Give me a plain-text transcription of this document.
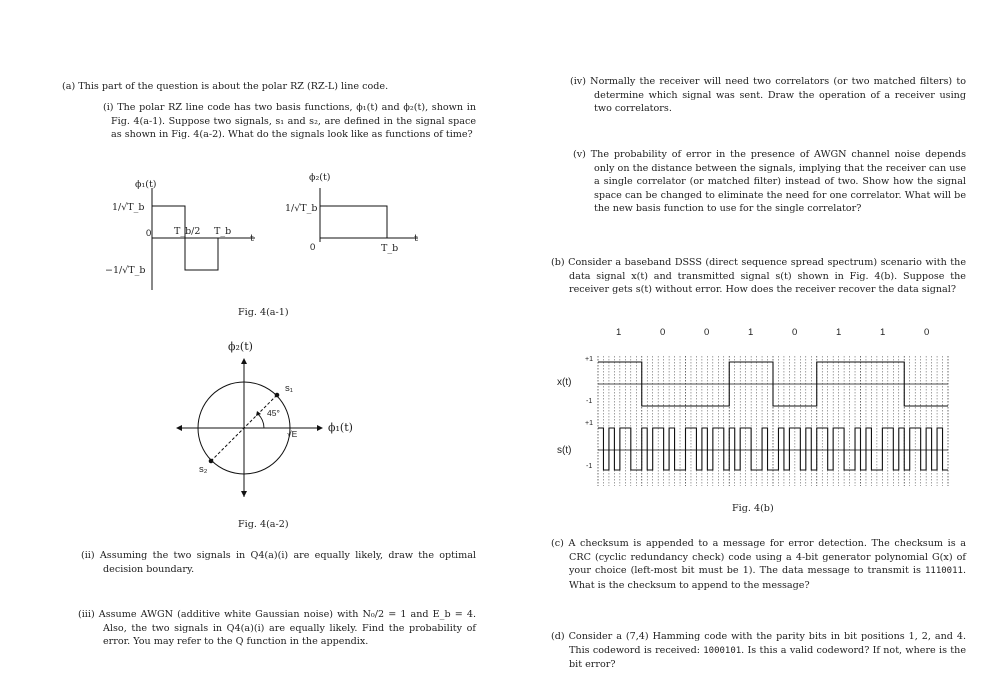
(a) This part of the question is about the polar RZ (RZ-L) line code.

(i) The polar RZ line code has two basis functions, ϕ₁(t) and ϕ₂(t), shown in Fig. 4(a-1). Suppose two signals, s₁ and s₂, are defined in the signal space as shown in Fig. 4(a-2). What do the signals look like as functions of time?

ϕ₁(t)
1/√T_b
0 T_b/2 T_b
t
−1/√T_b
ϕ₂(t)
1/√T_b
0	T_b
t
Fig. 4(a-1)
ϕ₂(t)
s₁
s₂
45°
√E	ϕ₁(t)
Fig. 4(a-2)

(ii) Assuming the two signals in Q4(a)(i) are equally likely, draw the optimal decision boundary.

(iii) Assume AWGN (additive white Gaussian noise) with N₀/2 = 1 and E_b = 4. Also, the two signals in Q4(a)(i) are equally likely. Find the probability of error. You may refer to the Q function in the appendix.

(iv) Normally the receiver will need two correlators (or two matched filters) to determine which signal was sent. Draw the operation of a receiver using two correlators.

(v) The probability of error in the presence of AWGN channel noise depends only on the distance between the signals, implying that the receiver can use a single correlator (or matched filter) instead of two. Show how the signal space can be changed to eliminate the need for one correlator. What will be the new basis function to use for the single correlator?

(b) Consider a baseband DSSS (direct sequence spread spectrum) scenario with the data signal x(t) and transmitted signal s(t) shown in Fig. 4(b). Suppose the receiver gets s(t) without error. How does the receiver recover the data signal?

1	0	0	1	0	1	1	0
x(t)
s(t)
+1
-1
+1
-1
Fig. 4(b)

(c) A checksum is appended to a message for error detection. The checksum is a CRC (cyclic redundancy check) code using a 4-bit generator polynomial G(x) of your choice (left-most bit must be 1). The data message to transmit is 1110011. What is the checksum to append to the message?

(d) Consider a (7,4) Hamming code with the parity bits in bit positions 1, 2, and 4. This codeword is received: 1000101. Is this a valid codeword? If not, where is the bit error?
